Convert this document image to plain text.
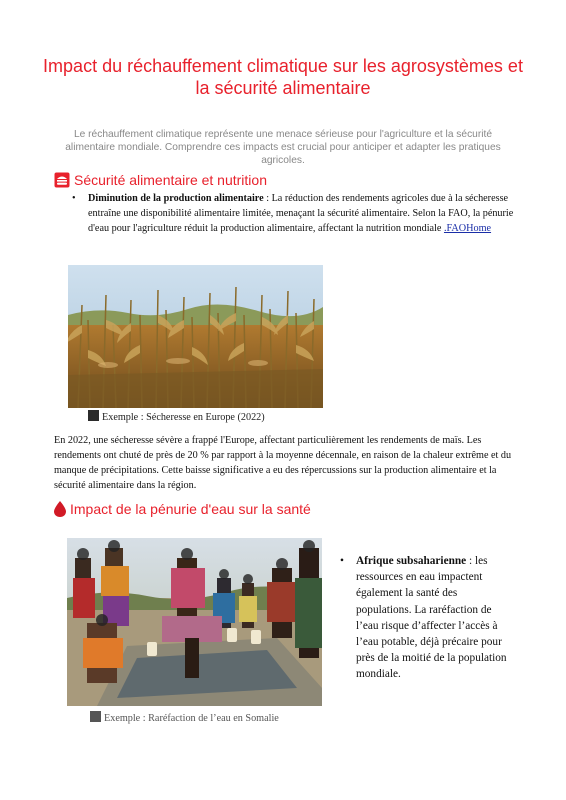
Impact du réchauffement climatique sur les agrosystèmes et la sécurité alimentaire

Le réchauffement climatique représente une menace sérieuse pour l'agriculture et la sécurité alimentaire mondiale. Comprendre ces impacts est crucial pour anticiper et adapter les pratiques agricoles.

Sécurité alimentaire et nutrition
• Diminution de la production alimentaire : La réduction des rendements agricoles due à la sécheresse entraîne une disponibilité alimentaire limitée, menaçant la sécurité alimentaire. Selon la FAO, la pénurie d'eau pour l'agriculture réduit la production alimentaire, affectant la nutrition mondiale .FAOHome
Exemple : Sécheresse en Europe (2022)

En 2022, une sécheresse sévère a frappé l'Europe, affectant particulièrement les rendements de maïs. Les rendements ont chuté de près de 20 % par rapport à la moyenne décennale, en raison de la chaleur extrême et du manque de précipitations. Cette baisse significative a eu des répercussions sur la production alimentaire et la sécurité alimentaire dans la région.

Impact de la pénurie d'eau sur la santé
Exemple : Raréfaction de l’eau en Somalie
• Afrique subsaharienne : les ressources en eau impactent également la santé des populations. La raréfaction de l’eau risque d’affecter l’accès à l’eau potable, déjà précaire pour près de la moitié de la population mondiale.
